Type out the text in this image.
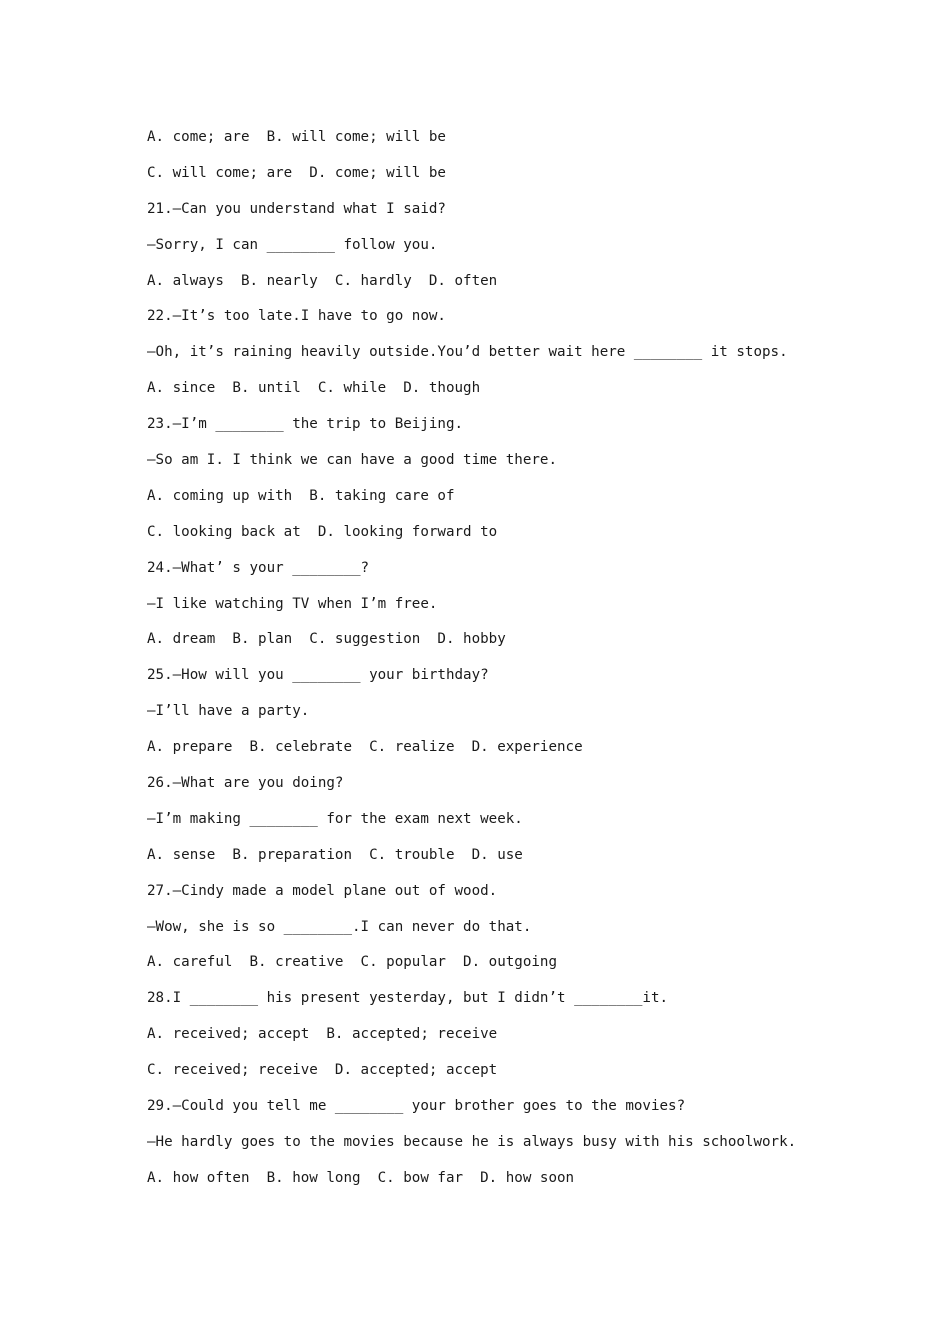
A. come; are  B. will come; will be
C. will come; are  D. come; will be
21.—Can you understand what I said?
—Sorry, I can ________ follow you.
A. always  B. nearly  C. hardly  D. often
22.—It’s too late.I have to go now.
—Oh, it’s raining heavily outside.You’d better wait here ________ it stops.
A. since  B. until  C. while  D. though
23.—I’m ________ the trip to Beijing.
—So am I. I think we can have a good time there.
A. coming up with  B. taking care of
C. looking back at  D. looking forward to
24.—What’ s your ________?
—I like watching TV when I’m free.
A. dream  B. plan  C. suggestion  D. hobby
25.—How will you ________ your birthday?
—I’ll have a party.
A. prepare  B. celebrate  C. realize  D. experience
26.—What are you doing?
—I’m making ________ for the exam next week.
A. sense  B. preparation  C. trouble  D. use
27.—Cindy made a model plane out of wood.
—Wow, she is so ________.I can never do that.
A. careful  B. creative  C. popular  D. outgoing
28.I ________ his present yesterday, but I didn’t ________it.
A. received; accept  B. accepted; receive
C. received; receive  D. accepted; accept
29.—Could you tell me ________ your brother goes to the movies?
—He hardly goes to the movies because he is always busy with his schoolwork.
A. how often  B. how long  C. bow far  D. how soon
